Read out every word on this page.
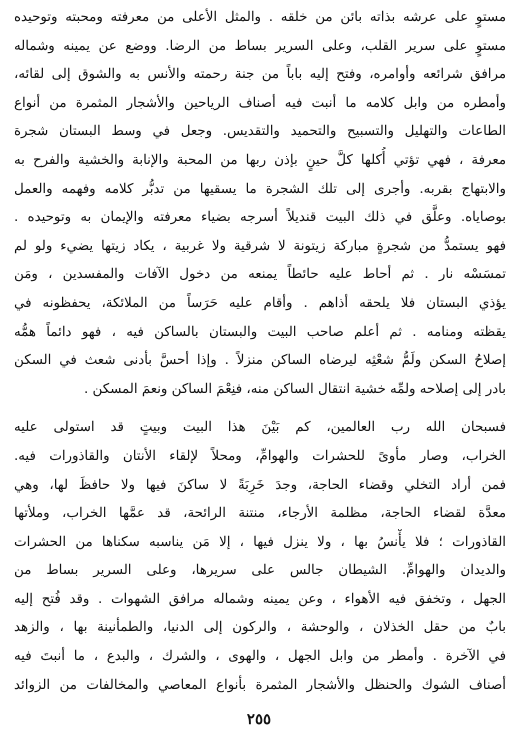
مستوٍ على عرشه بذاته بائن من خلقه . والمثل الأعلى من معرفته ومحبته وتوحيده
مستوٍ على سرير القلب، وعلى السرير بساط من الرضا. ووضع عن يمينه وشماله
مرافق شرائعه وأوامره، وفتح إليه باباً من جنة رحمته والأنس به والشوق إلى لقائه،
وأمطره من وابل كلامه ما أنبت فيه أصناف الرياحين والأشجار المثمرة من أنواع
الطاعات والتهليل والتسبيح والتحميد والتقديس. وجعل في وسط البستان شجرة
معرفة ، فهي تؤتي أُكلها كلَّ حينٍ بإذن ربها من المحبة والإنابة والخشية والفرح به
والابتهاج بقربه. وأجرى إلى تلك الشجرة ما يسقيها من تدبُّر كلامه وفهمه والعمل
بوصاياه. وعلَّق في ذلك البيت قنديلاً أسرجه بضياء معرفته والإيمان به وتوحيده .
فهو يستمدُّ من شجرةٍ مباركة زيتونة لا شرقية ولا غربية ، يكاد زيتها يضيء ولو لم
تمسَسْه نار . ثم أحاط عليه حائطاً يمنعه من دخول الآفات والمفسدين ، ومَن
يؤذي البستان فلا يلحقه أذاهم . وأقام عليه حَرَساً من الملائكة، يحفظونه في
يقظته ومنامه . ثم أعلم صاحب البيت والبستان بالساكن فيه ، فهو دائماً همُّه
إصلاحُ السكن ولَمُّ شعْثِه ليرضاه الساكن منزلاً . وإذا أحسَّ بأدنى شعث في السكن
بادر إلى إصلاحه ولمِّه خشية انتقال الساكن منه، فنِعْمَ الساكن ونعمَ المسكن .
فسبحان الله رب العالمين، كم بَيْنَ هذا البيت وبيتٍ قد استولى عليه
الخراب، وصار مأوىً للحشرات والهوامِّ، ومحلاً لإلقاء الأنتان والقاذورات فيه.
فمن أراد التخلي وقضاء الحاجة، وجدَ خَرِبَةً لا ساكنَ فيها ولا حافظَ لها، وهي
معدَّة لقضاء الحاجة، مظلمة الأرجاء، منتنة الرائحة، قد عمَّها الخراب، وملأتها
القاذورات ؛ فلا يأْنسُ بها ، ولا ينزل فيها ، إلا مَن يناسبه سكناها من الحشرات
والديدان والهوامِّ. الشيطان جالس على سريرها، وعلى السرير بساط من
الجهل ، وتخفق فيه الأهواء ، وعن يمينه وشماله مرافق الشهوات . وقد فُتح إليه
بابٌ من حقل الخذلان ، والوحشة ، والركون إلى الدنيا، والطمأنينة بها ، والزهد
في الآخرة . وأمطر من وابل الجهل ، والهوى ، والشرك ، والبدع ، ما أنبتَ فيه
أصناف الشوك والحنظل والأشجار المثمرة بأنواع المعاصي والمخالفات من الزوائد
٢٥٥
